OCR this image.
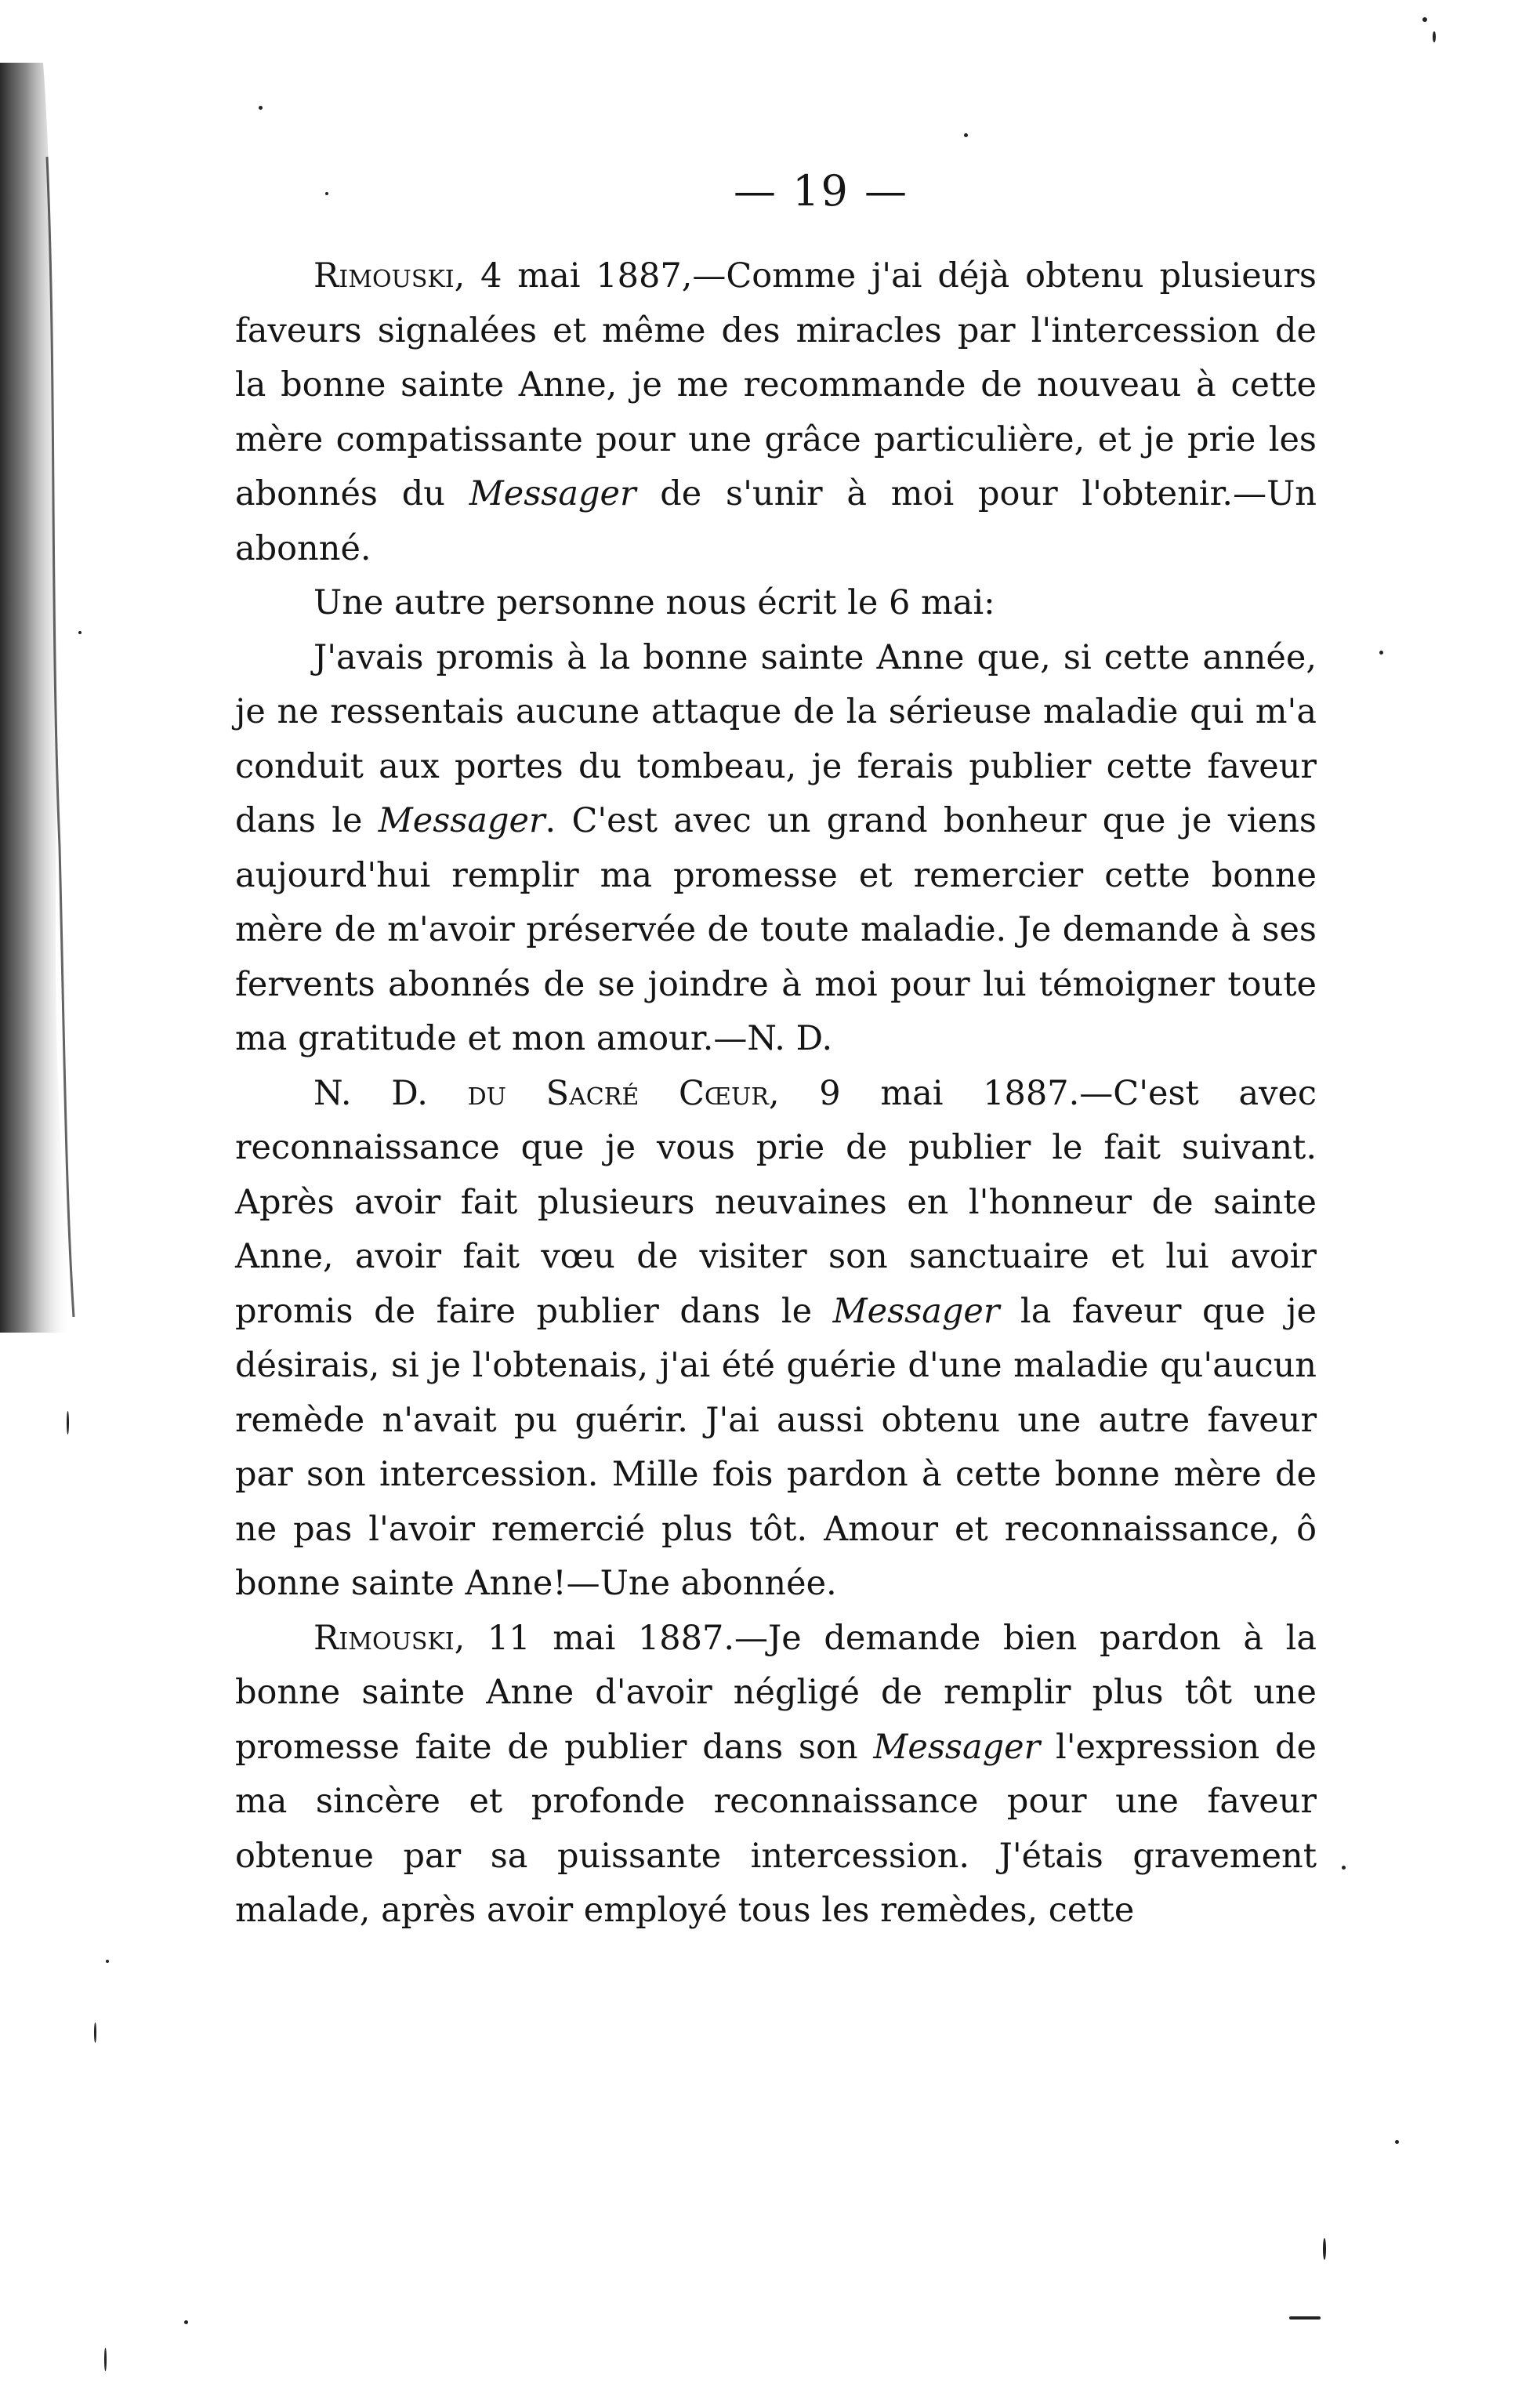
— 19 —

Rimouski, 4 mai 1887,—Comme j'ai déjà obtenu plusieurs faveurs signalées et même des miracles par l'intercession de la bonne sainte Anne, je me recommande de nouveau à cette mère compatissante pour une grâce particulière, et je prie les abonnés du Messager de s'unir à moi pour l'obtenir.—Un abonné.

Une autre personne nous écrit le 6 mai:

J'avais promis à la bonne sainte Anne que, si cette année, je ne ressentais aucune attaque de la sérieuse maladie qui m'a conduit aux portes du tombeau, je ferais publier cette faveur dans le Messager. C'est avec un grand bonheur que je viens aujourd'hui remplir ma promesse et remercier cette bonne mère de m'avoir préservée de toute maladie. Je demande à ses fervents abonnés de se joindre à moi pour lui témoigner toute ma gratitude et mon amour.—N. D.

N. D. du Sacré Cœur, 9 mai 1887.—C'est avec reconnaissance que je vous prie de publier le fait suivant. Après avoir fait plusieurs neuvaines en l'honneur de sainte Anne, avoir fait vœu de visiter son sanctuaire et lui avoir promis de faire publier dans le Messager la faveur que je désirais, si je l'obtenais, j'ai été guérie d'une maladie qu'aucun remède n'avait pu guérir. J'ai aussi obtenu une autre faveur par son intercession. Mille fois pardon à cette bonne mère de ne pas l'avoir remercié plus tôt. Amour et reconnaissance, ô bonne sainte Anne!—Une abonnée.

Rimouski, 11 mai 1887.—Je demande bien pardon à la bonne sainte Anne d'avoir négligé de remplir plus tôt une promesse faite de publier dans son Messager l'expression de ma sincère et profonde reconnaissance pour une faveur obtenue par sa puissante intercession. J'étais gravement malade, après avoir employé tous les remèdes, cette
